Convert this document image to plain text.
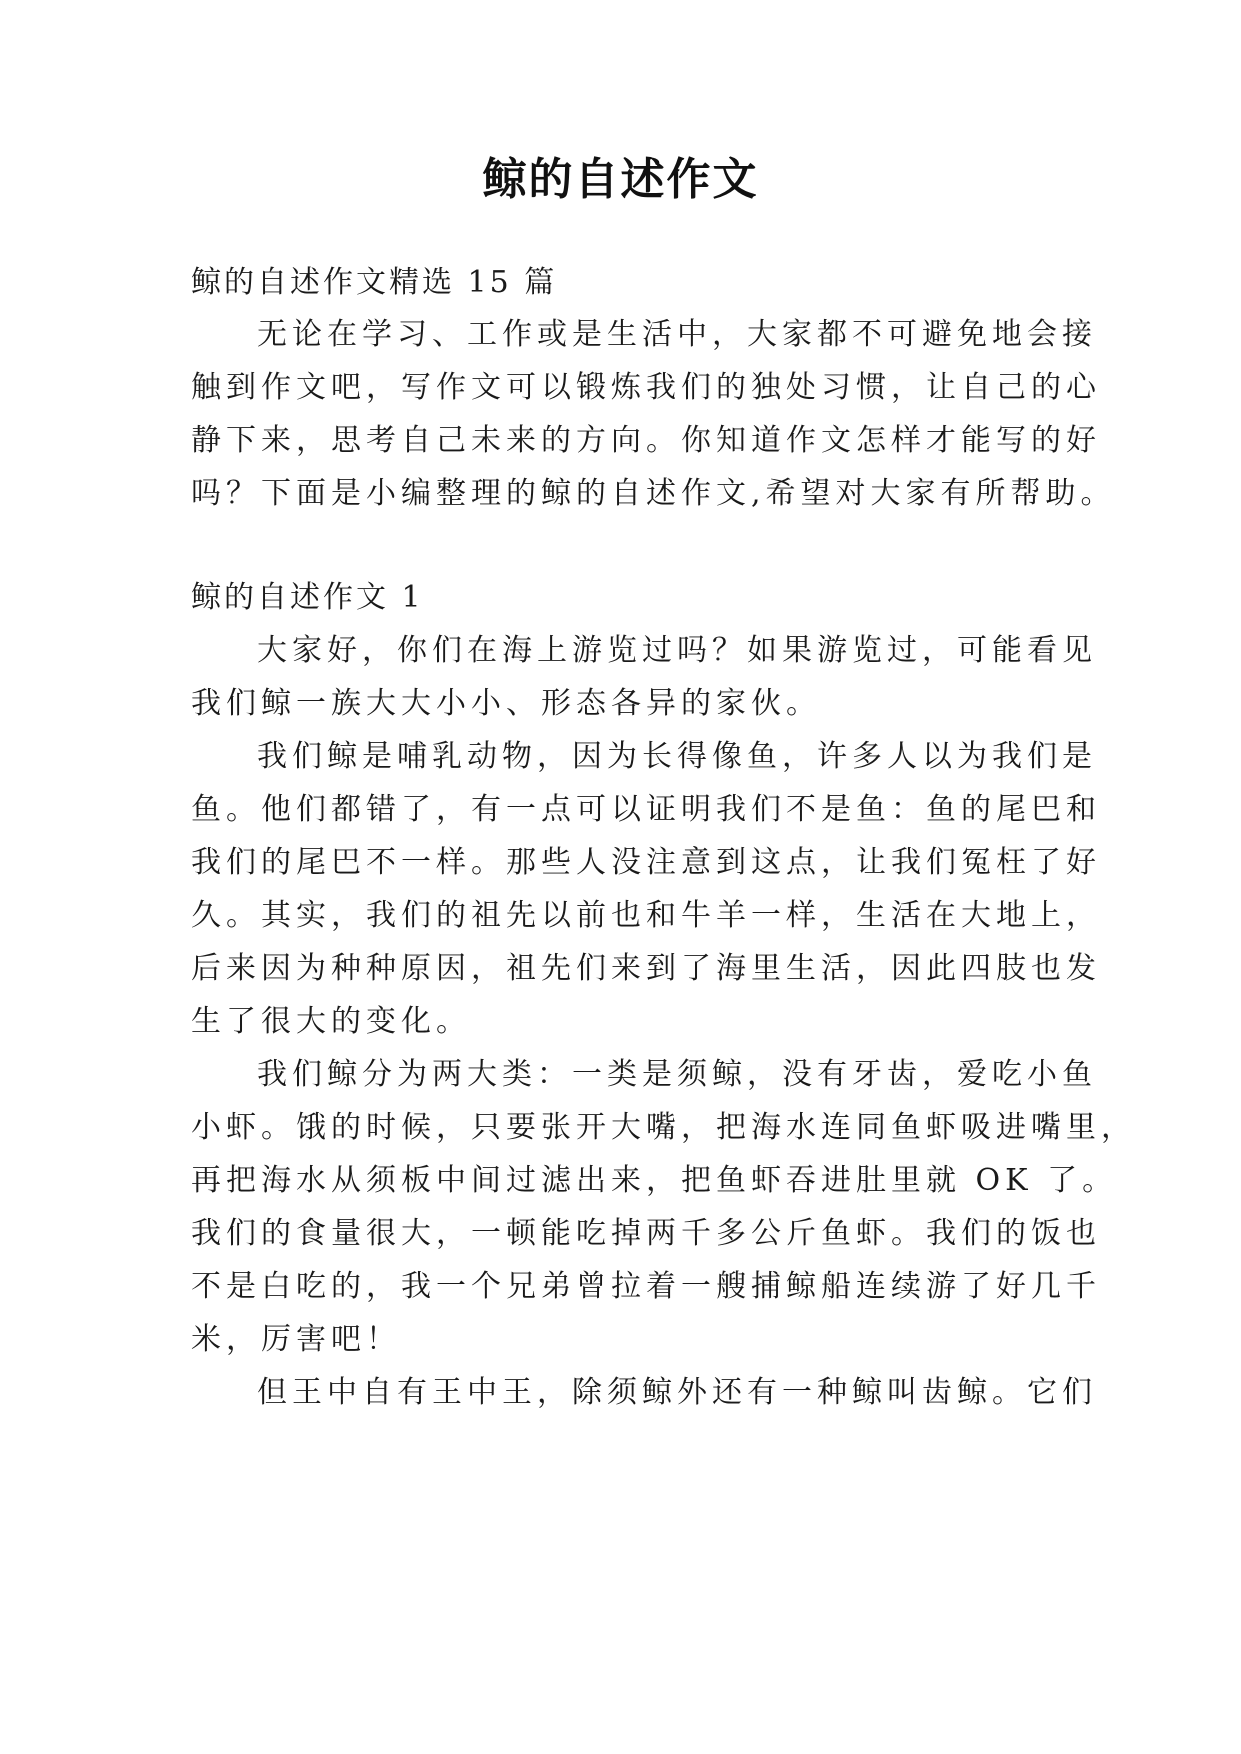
鲸的自述作文
鲸的自述作文精选 15 篇
无论在学习、工作或是生活中，大家都不可避免地会接
触到作文吧，写作文可以锻炼我们的独处习惯，让自己的心
静下来，思考自己未来的方向。你知道作文怎样才能写的好
吗？下面是小编整理的鲸的自述作文,希望对大家有所帮助。
鲸的自述作文 1
大家好，你们在海上游览过吗？如果游览过，可能看见
我们鲸一族大大小小、形态各异的家伙。
我们鲸是哺乳动物，因为长得像鱼，许多人以为我们是
鱼。他们都错了，有一点可以证明我们不是鱼：鱼的尾巴和
我们的尾巴不一样。那些人没注意到这点，让我们冤枉了好
久。其实，我们的祖先以前也和牛羊一样，生活在大地上，
后来因为种种原因，祖先们来到了海里生活，因此四肢也发
生了很大的变化。
我们鲸分为两大类：一类是须鲸，没有牙齿，爱吃小鱼
小虾。饿的时候，只要张开大嘴，把海水连同鱼虾吸进嘴里，
再把海水从须板中间过滤出来，把鱼虾吞进肚里就 OK 了。
我们的食量很大，一顿能吃掉两千多公斤鱼虾。我们的饭也
不是白吃的，我一个兄弟曾拉着一艘捕鲸船连续游了好几千
米，厉害吧！
但王中自有王中王，除须鲸外还有一种鲸叫齿鲸。它们
